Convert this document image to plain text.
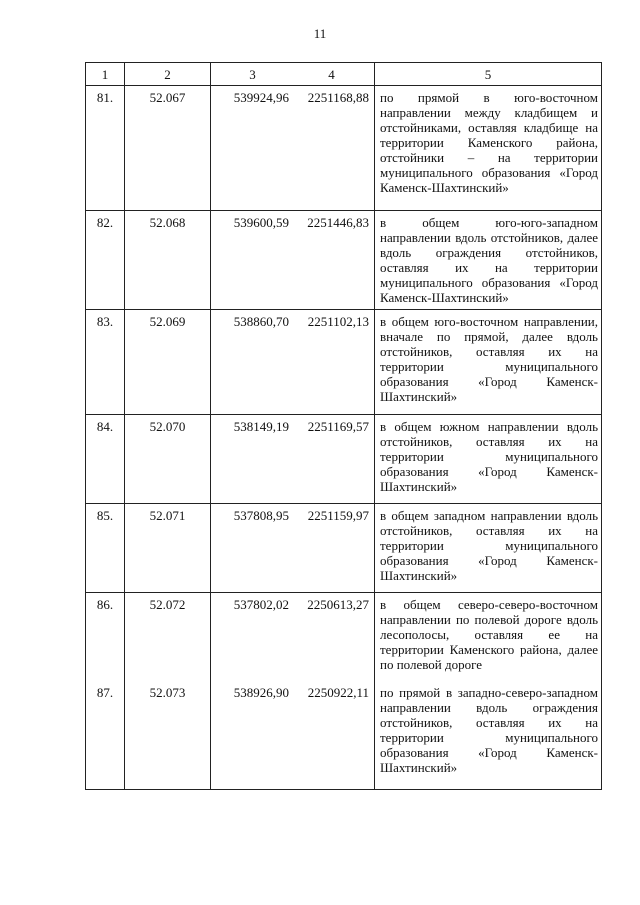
11
1	2	3 4	5
81.	52.067	539924,96 2251168,88	по прямой в юго-восточном направлении между кладбищем и отстойниками, оставляя кладбище на территории Каменского района, отстойники – на территории муниципального образования «Город Каменск-Шахтинский»
82.	52.068	539600,59 2251446,83	в общем юго-юго-западном направлении вдоль отстойников, далее вдоль ограждения отстойников, оставляя их на территории муниципального образования «Город Каменск-Шахтинский»
83.	52.069	538860,70 2251102,13	в общем юго-восточном направлении, вначале по прямой, далее вдоль отстойников, оставляя их на территории муниципального образования «Город Каменск-Шахтинский»
84.	52.070	538149,19 2251169,57	в общем южном направлении вдоль отстойников, оставляя их на территории муниципального образования «Город Каменск-Шахтинский»
85.	52.071	537808,95 2251159,97	в общем западном направлении вдоль отстойников, оставляя их на территории муниципального образования «Город Каменск-Шахтинский»
86.	52.072	537802,02 2250613,27	в общем северо-северо-восточном направлении по полевой дороге вдоль лесополосы, оставляя ее на территории Каменского района, далее по полевой дороге
87.	52.073	538926,90 2250922,11	по прямой в западно-северо-западном направлении вдоль ограждения отстойников, оставляя их на территории муниципального образования «Город Каменск-Шахтинский»
